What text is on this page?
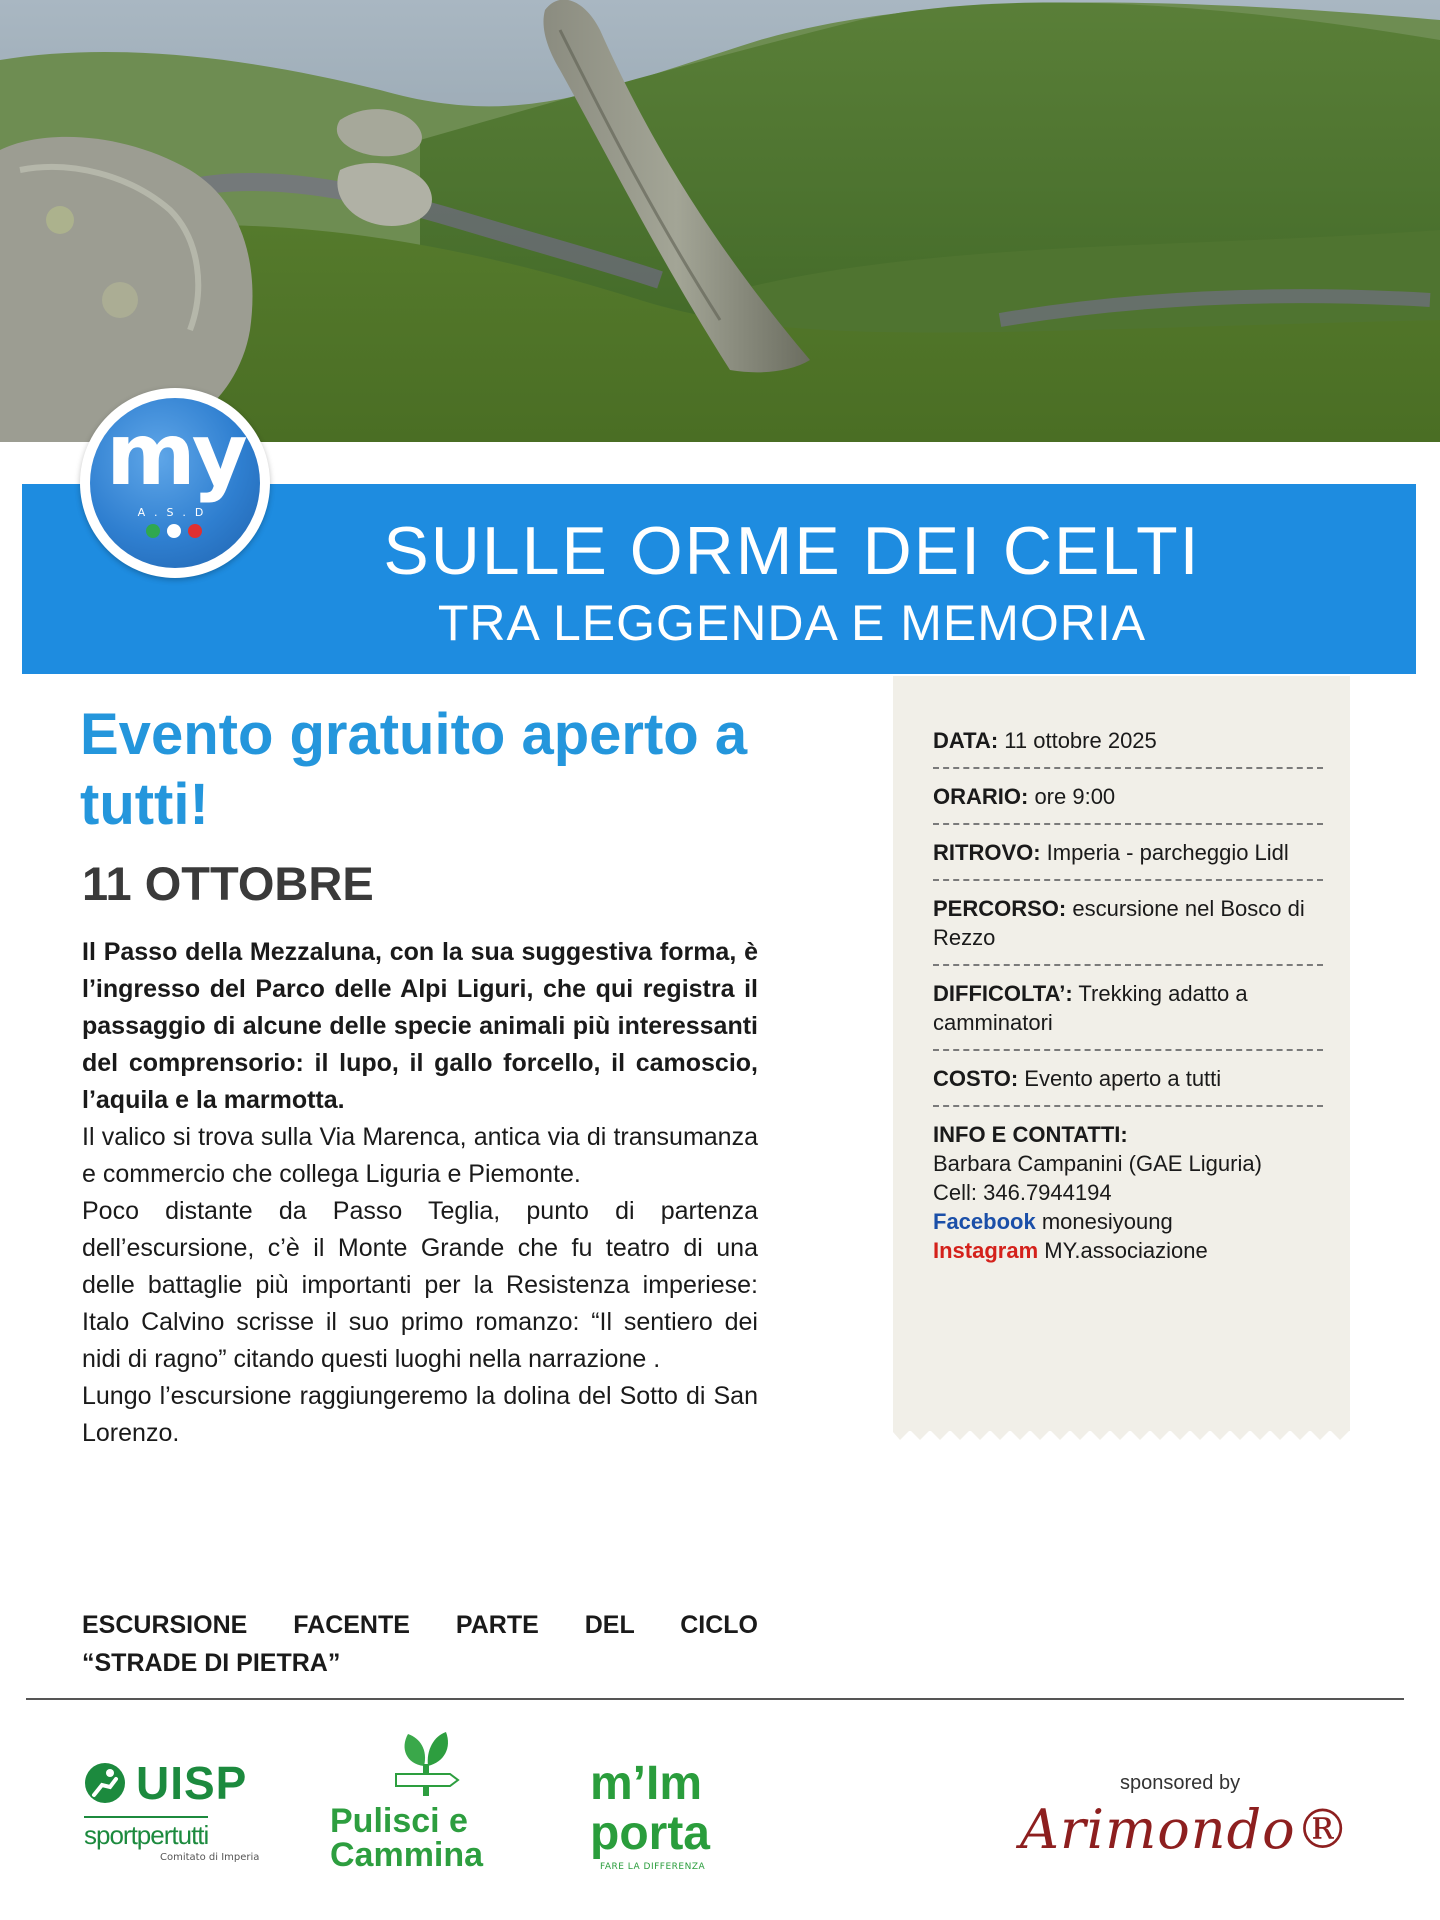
my
A.S.D
SULLE ORME DEI CELTI
TRA LEGGENDA E MEMORIA
Evento gratuito aperto a tutti!
11 OTTOBRE

Il Passo della Mezzaluna, con la sua suggestiva forma, è l’ingresso del Parco delle Alpi Liguri, che qui registra il passaggio di alcune delle specie animali più interessanti del comprensorio: il lupo, il gallo forcello, il camoscio, l’aquila e la marmotta.

Il valico si trova sulla Via Marenca, antica via di transumanza e commercio che collega Liguria e Piemonte.

Poco distante da Passo Teglia, punto di partenza dell’escursione, c’è il Monte Grande che fu teatro di una delle battaglie più importanti per la Resistenza imperiese: Italo Calvino scrisse il suo primo romanzo: “Il sentiero dei nidi di ragno” citando questi luoghi nella narrazione .

Lungo l’escursione raggiungeremo la dolina del Sotto di San Lorenzo.

ESCURSIONE FACENTE PARTE DEL CICLO
“STRADE DI PIETRA”
DATA: 11 ottobre 2025
ORARIO: ore 9:00
RITROVO: Imperia - parcheggio Lidl
PERCORSO: escursione nel Bosco di Rezzo
DIFFICOLTA’: Trekking adatto a camminatori
COSTO: Evento aperto a tutti
INFO E CONTATTI:
Barbara Campanini (GAE Liguria)
Cell: 346.7944194
Facebook monesiyoung
Instagram MY.associazione
UISP
sportpertutti
Comitato di Imperia
Pulisci e
Cammina
m’Im
porta
FARE LA DIFFERENZA
sponsored by
Arimondo®
